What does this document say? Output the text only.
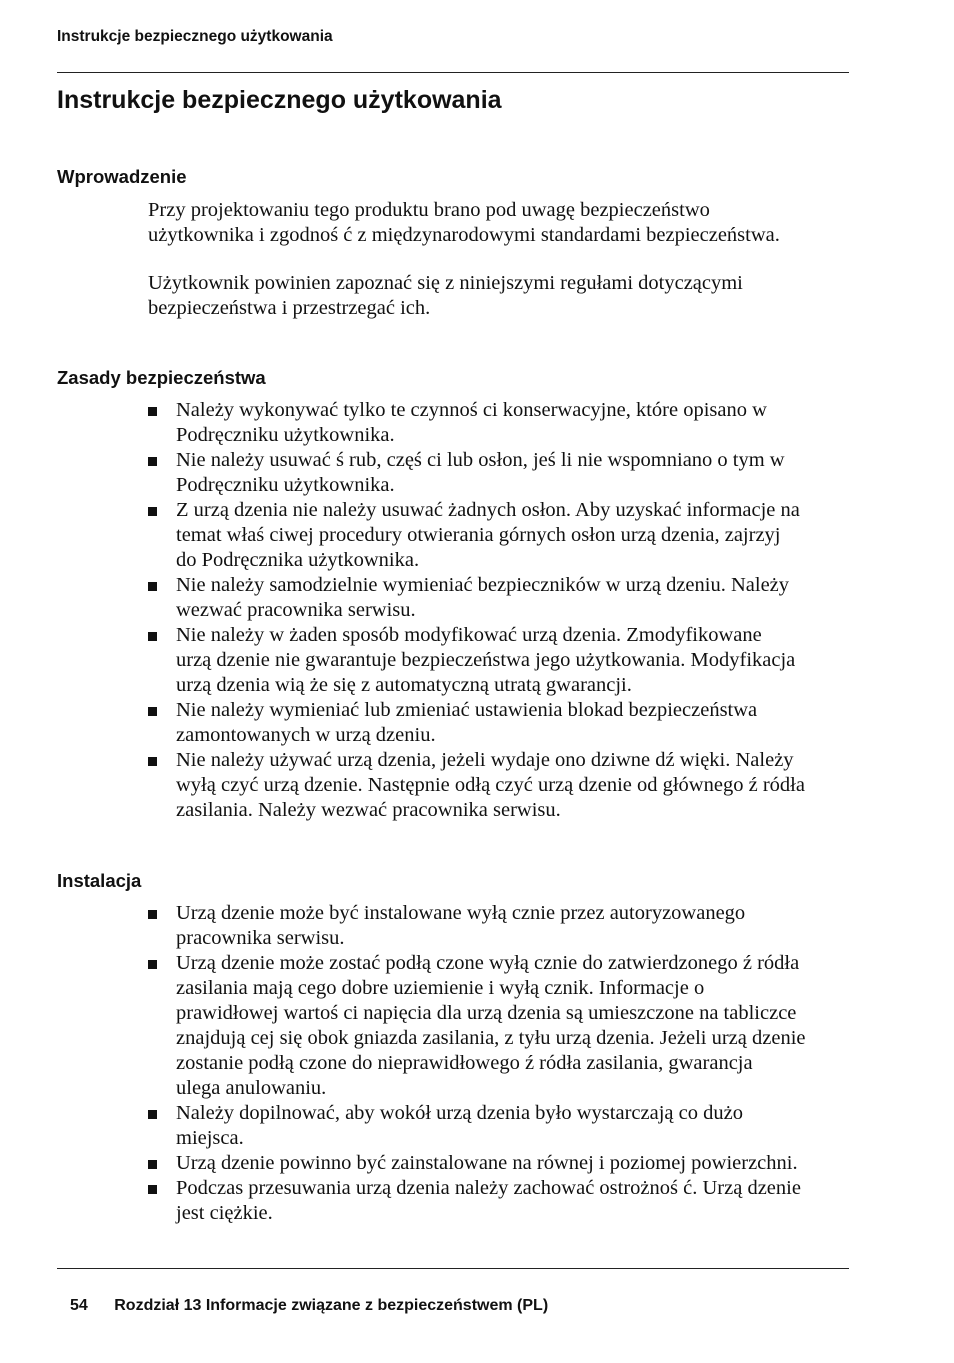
Instrukcje bezpiecznego użytkowania
Instrukcje bezpiecznego użytkowania
Wprowadzenie

Przy projektowaniu tego produktu brano pod uwagę bezpieczeństwo
użytkownika i zgodnoś ć z międzynarodowymi standardami bezpieczeństwa.

Użytkownik powinien zapoznać się z niniejszymi regułami dotyczącymi
bezpieczeństwa i przestrzegać ich.

Zasady bezpieczeństwa
Należy wykonywać tylko te czynnoś ci konserwacyjne, które opisano w
Podręczniku użytkownika.
Nie należy usuwać ś rub, częś ci lub osłon, jeś li nie wspomniano o tym w
Podręczniku użytkownika.
Z urzą dzenia nie należy usuwać żadnych osłon. Aby uzyskać informacje na
temat właś ciwej procedury otwierania górnych osłon urzą dzenia, zajrzyj
do Podręcznika użytkownika.
Nie należy samodzielnie wymieniać bezpieczników w urzą dzeniu. Należy
wezwać pracownika serwisu.
Nie należy w żaden sposób modyfikować urzą dzenia. Zmodyfikowane
urzą dzenie nie gwarantuje bezpieczeństwa jego użytkowania. Modyfikacja
urzą dzenia wią że się z automatyczną utratą gwarancji.
Nie należy wymieniać lub zmieniać ustawienia blokad bezpieczeństwa
zamontowanych w urzą dzeniu.
Nie należy używać urzą dzenia, jeżeli wydaje ono dziwne dź więki. Należy
wyłą czyć urzą dzenie. Następnie odłą czyć urzą dzenie od głównego ź ródła
zasilania. Należy wezwać pracownika serwisu.
Instalacja
Urzą dzenie może być instalowane wyłą cznie przez autoryzowanego
pracownika serwisu.
Urzą dzenie może zostać podłą czone wyłą cznie do zatwierdzonego ź ródła
zasilania mają cego dobre uziemienie i wyłą cznik. Informacje o
prawidłowej wartoś ci napięcia dla urzą dzenia są umieszczone na tabliczce
znajdują cej się obok gniazda zasilania, z tyłu urzą dzenia. Jeżeli urzą dzenie
zostanie podłą czone do nieprawidłowego ź ródła zasilania, gwarancja
ulega anulowaniu.
Należy dopilnować, aby wokół urzą dzenia było wystarczają co dużo
miejsca.
Urzą dzenie powinno być zainstalowane na równej i poziomej powierzchni.
Podczas przesuwania urzą dzenia należy zachować ostrożnoś ć. Urzą dzenie
jest ciężkie.
54 Rozdział 13 Informacje związane z bezpieczeństwem (PL)
